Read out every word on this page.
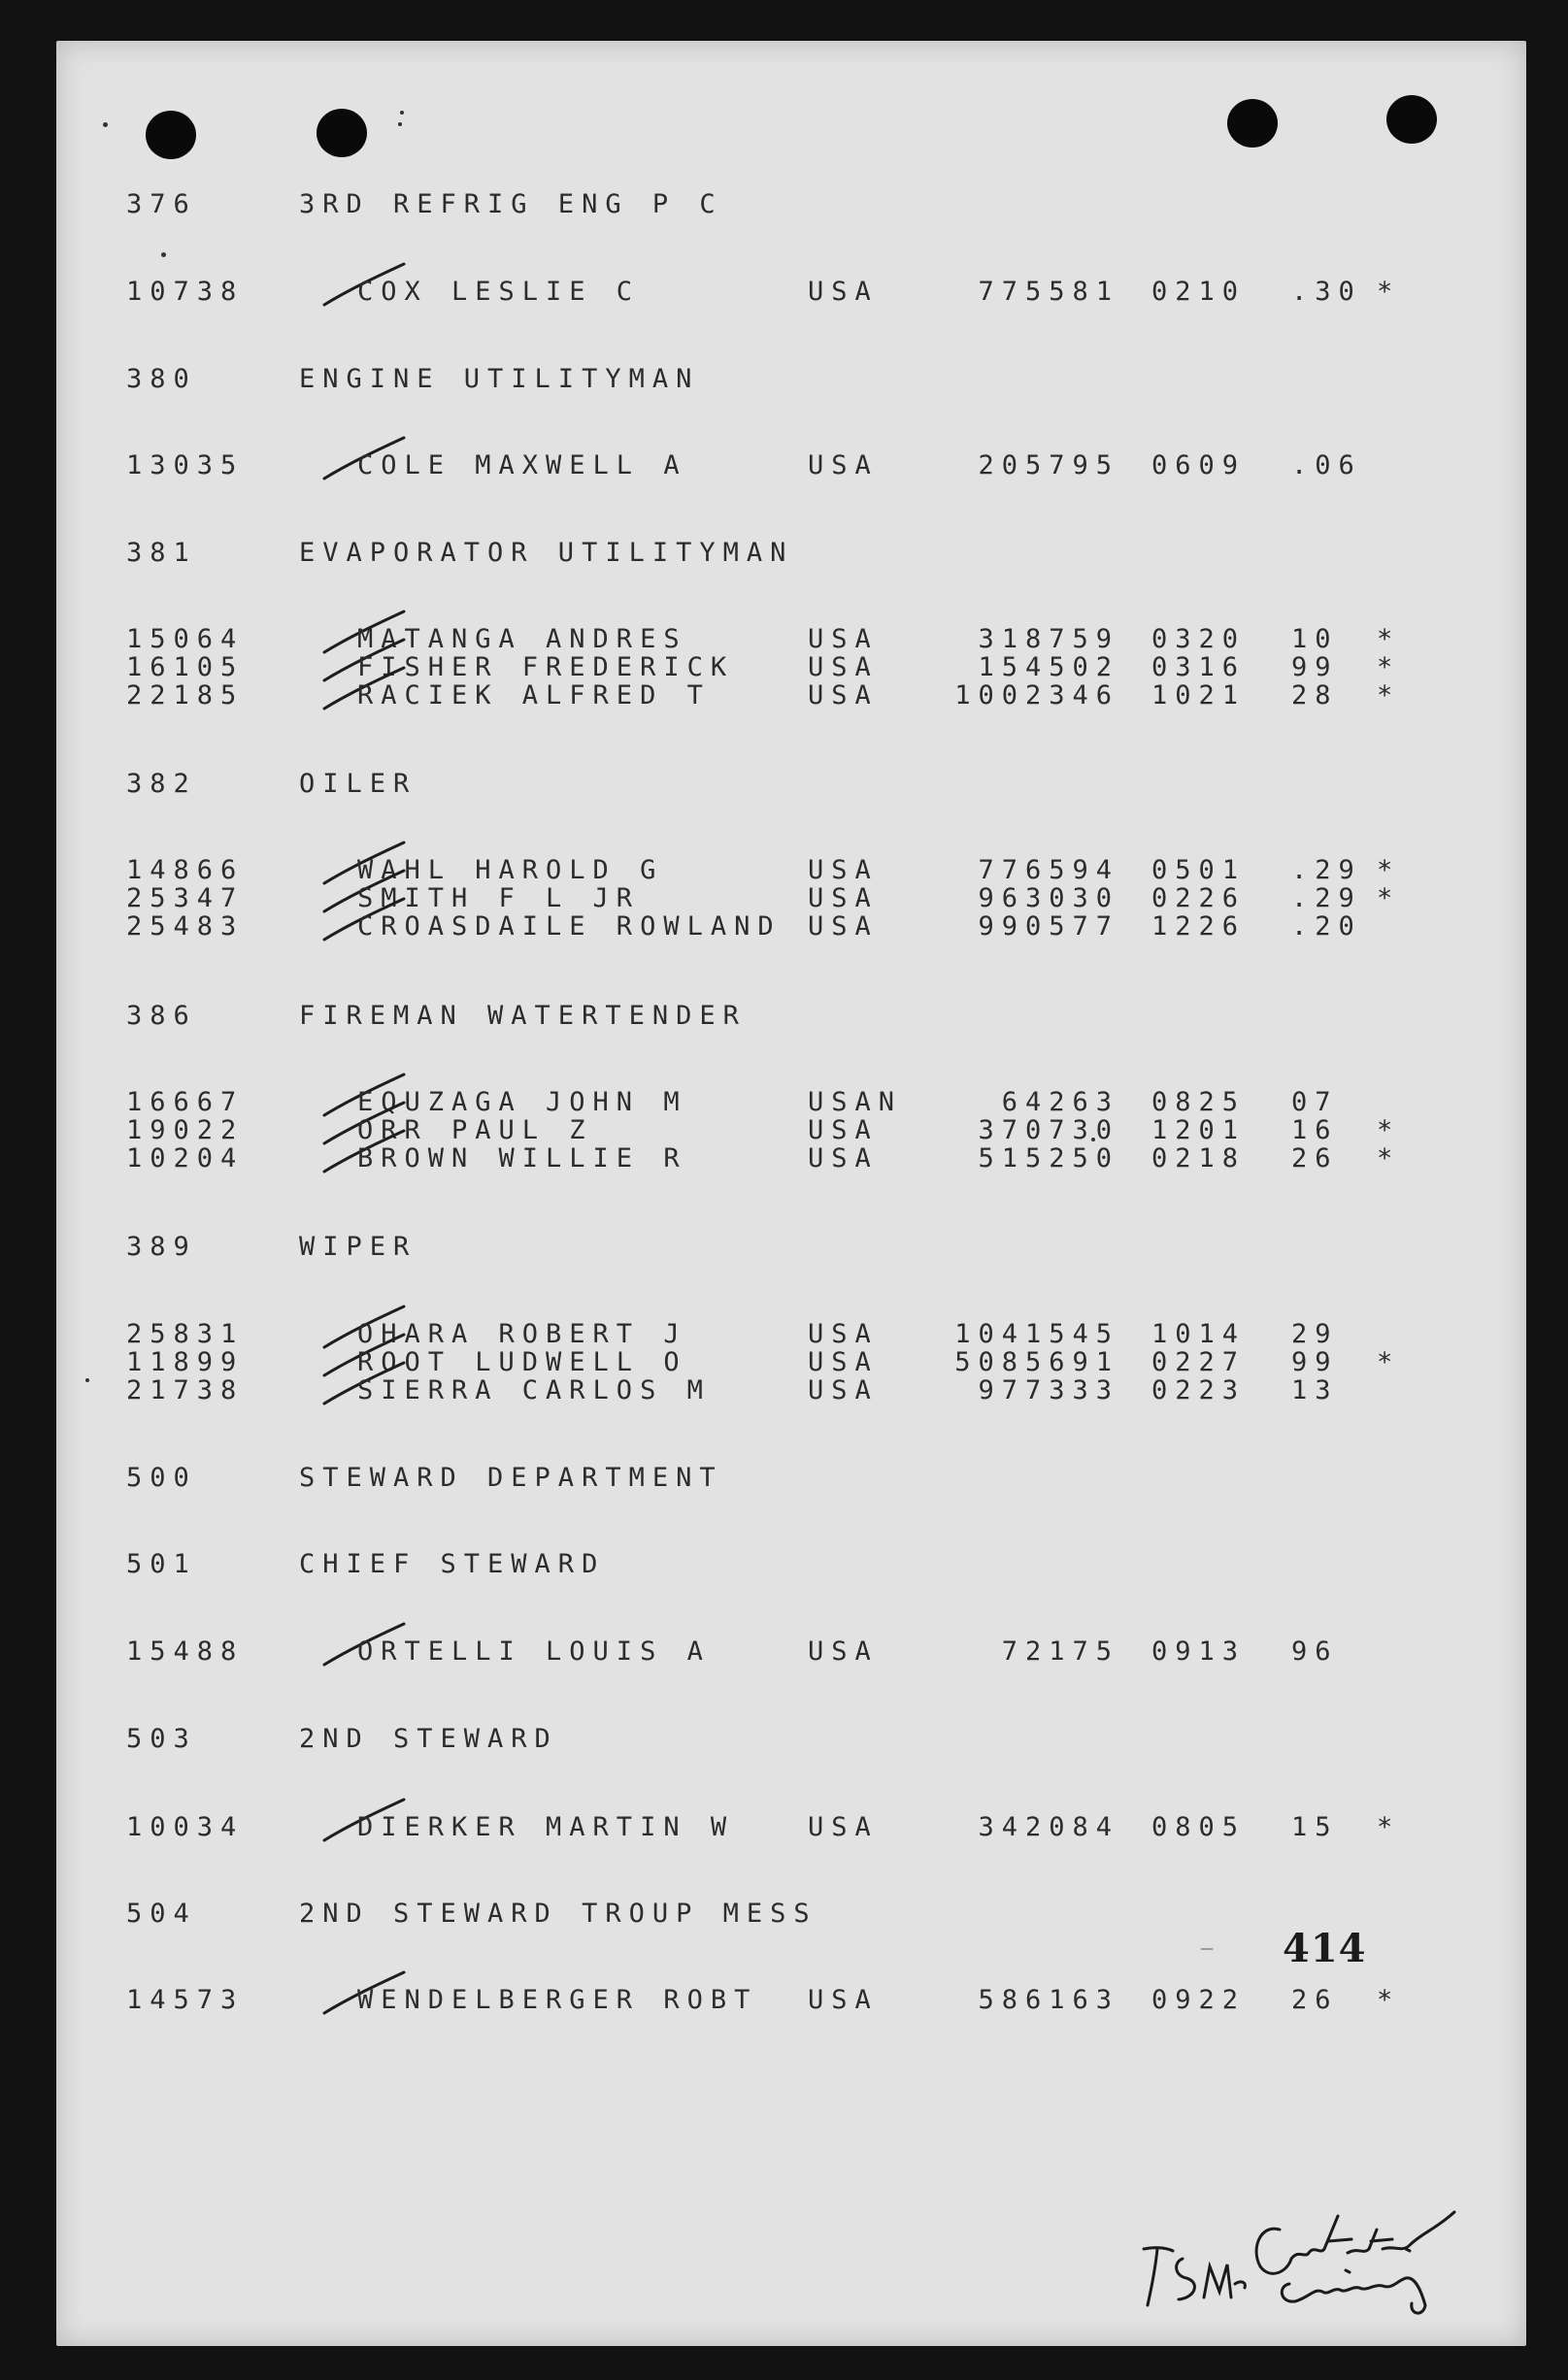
376	3RD REFRIG ENG P C
10738	COX LESLIE C	USA	775581 0210 .30 *
380	ENGINE UTILITYMAN
13035	COLE MAXWELL A	USA	205795 0609 .06
381	EVAPORATOR UTILITYMAN
15064	MATANGA ANDRES	USA	318759 0320 10 *
16105	FISHER FREDERICK	USA	154502 0316 99 *
22185	RACIEK ALFRED T	USA	1002346 1021 28 *
382	OILER
14866	WAHL HAROLD G	USA	776594 0501 .29 *
25347	SMITH F L JR	USA	963030 0226 .29 *
25483	CROASDAILE ROWLAND USA	990577 1226 .20
386	FIREMAN WATERTENDER
16667	EQUZAGA JOHN M	USAN	64263 0825 07
19022	ORR PAUL Z	USA	370730 1201 16 *
10204	BROWN WILLIE R	USA	515250 0218 26 *
389	WIPER
25831	OHARA ROBERT J	USA	1041545 1014 29
11899	ROOT LUDWELL O	USA	5085691 0227 99 *
21738	SIERRA CARLOS M	USA	977333 0223 13
500	STEWARD DEPARTMENT
501	CHIEF STEWARD
15488	ORTELLI LOUIS A	USA	72175 0913 96
503	2ND STEWARD
10034	DIERKER MARTIN W	USA	342084 0805 15 *
504	2ND STEWARD TROUP MESS
14573	WENDELBERGER ROBT USA	586163 0922 26 *
— 414
